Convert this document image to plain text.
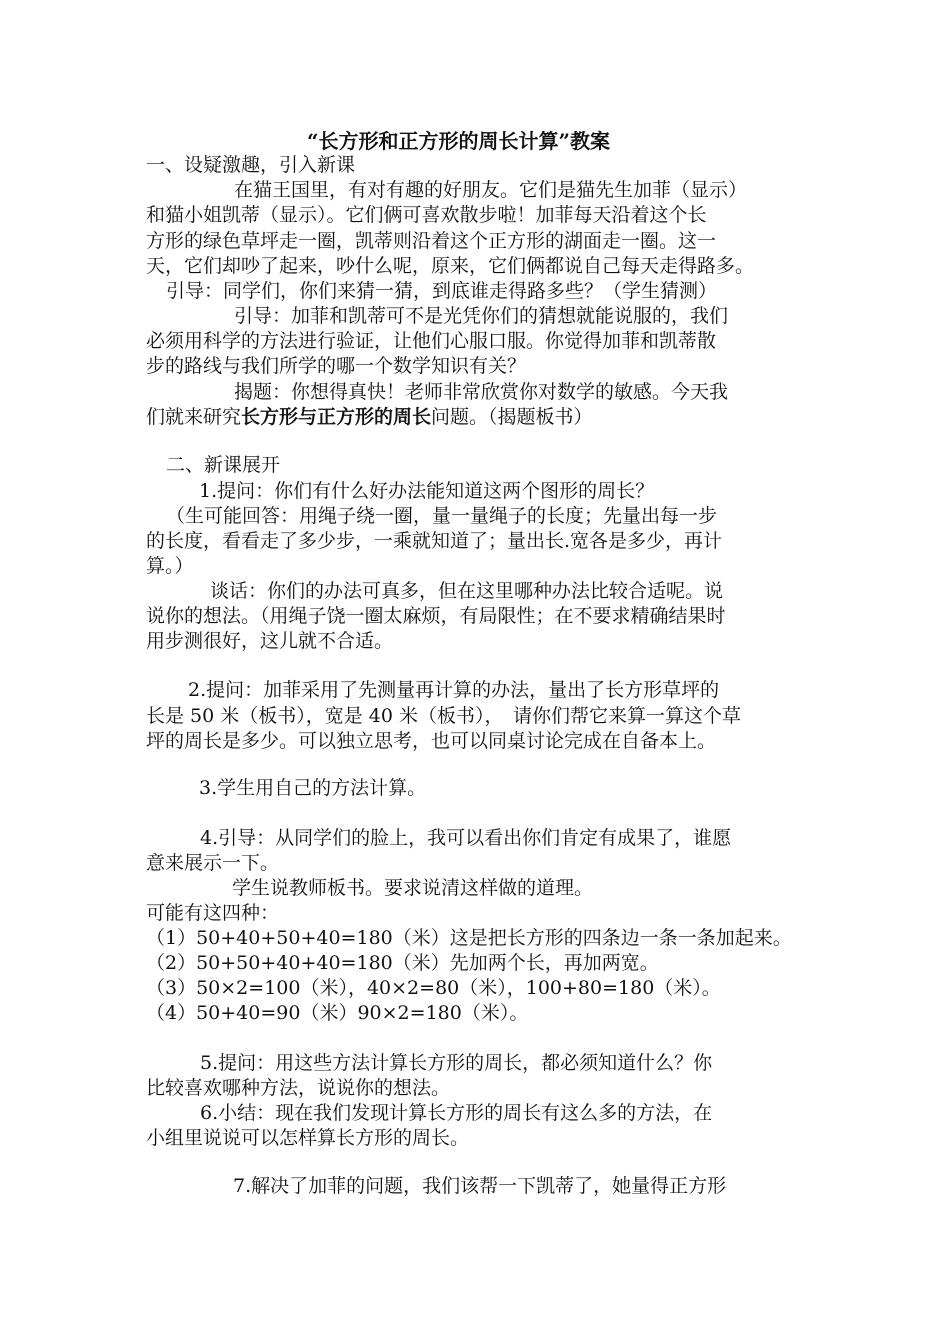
“长方形和正方形的周长计算”教案
一、设疑激趣，引入新课
在猫王国里，有对有趣的好朋友。它们是猫先生加菲（显示）
和猫小姐凯蒂（显示）。它们俩可喜欢散步啦！加菲每天沿着这个长
方形的绿色草坪走一圈，凯蒂则沿着这个正方形的湖面走一圈。这一
天，它们却吵了起来，吵什么呢，原来，它们俩都说自己每天走得路多。
引导：同学们，你们来猜一猜，到底谁走得路多些？（学生猜测）
引导：加菲和凯蒂可不是光凭你们的猜想就能说服的，我们
必须用科学的方法进行验证，让他们心服口服。你觉得加菲和凯蒂散
步的路线与我们所学的哪一个数学知识有关？
揭题：你想得真快！老师非常欣赏你对数学的敏感。今天我
们就来研究长方形与正方形的周长问题。（揭题板书）
二、新课展开
1.提问：你们有什么好办法能知道这两个图形的周长？
（生可能回答：用绳子绕一圈，量一量绳子的长度；先量出每一步
的长度，看看走了多少步，一乘就知道了；量出长.宽各是多少，再计
算。）
谈话：你们的办法可真多，但在这里哪种办法比较合适呢。说
说你的想法。（用绳子饶一圈太麻烦，有局限性；在不要求精确结果时
用步测很好，这儿就不合适。
2.提问：加菲采用了先测量再计算的办法，量出了长方形草坪的
长是 50 米（板书），宽是 40 米（板书），　请你们帮它来算一算这个草
坪的周长是多少。可以独立思考，也可以同桌讨论完成在自备本上。
3.学生用自己的方法计算。
4.引导：从同学们的脸上，我可以看出你们肯定有成果了，谁愿
意来展示一下。
学生说教师板书。要求说清这样做的道理。
可能有这四种：
（1）50+40+50+40=180（米）这是把长方形的四条边一条一条加起来。
（2）50+50+40+40=180（米）先加两个长，再加两宽。
（3）50×2=100（米），40×2=80（米），100+80=180（米）。
（4）50+40=90（米）90×2=180（米）。
5.提问：用这些方法计算长方形的周长，都必须知道什么？你
比较喜欢哪种方法，说说你的想法。
6.小结：现在我们发现计算长方形的周长有这么多的方法，在
小组里说说可以怎样算长方形的周长。
7.解决了加菲的问题，我们该帮一下凯蒂了，她量得正方形
